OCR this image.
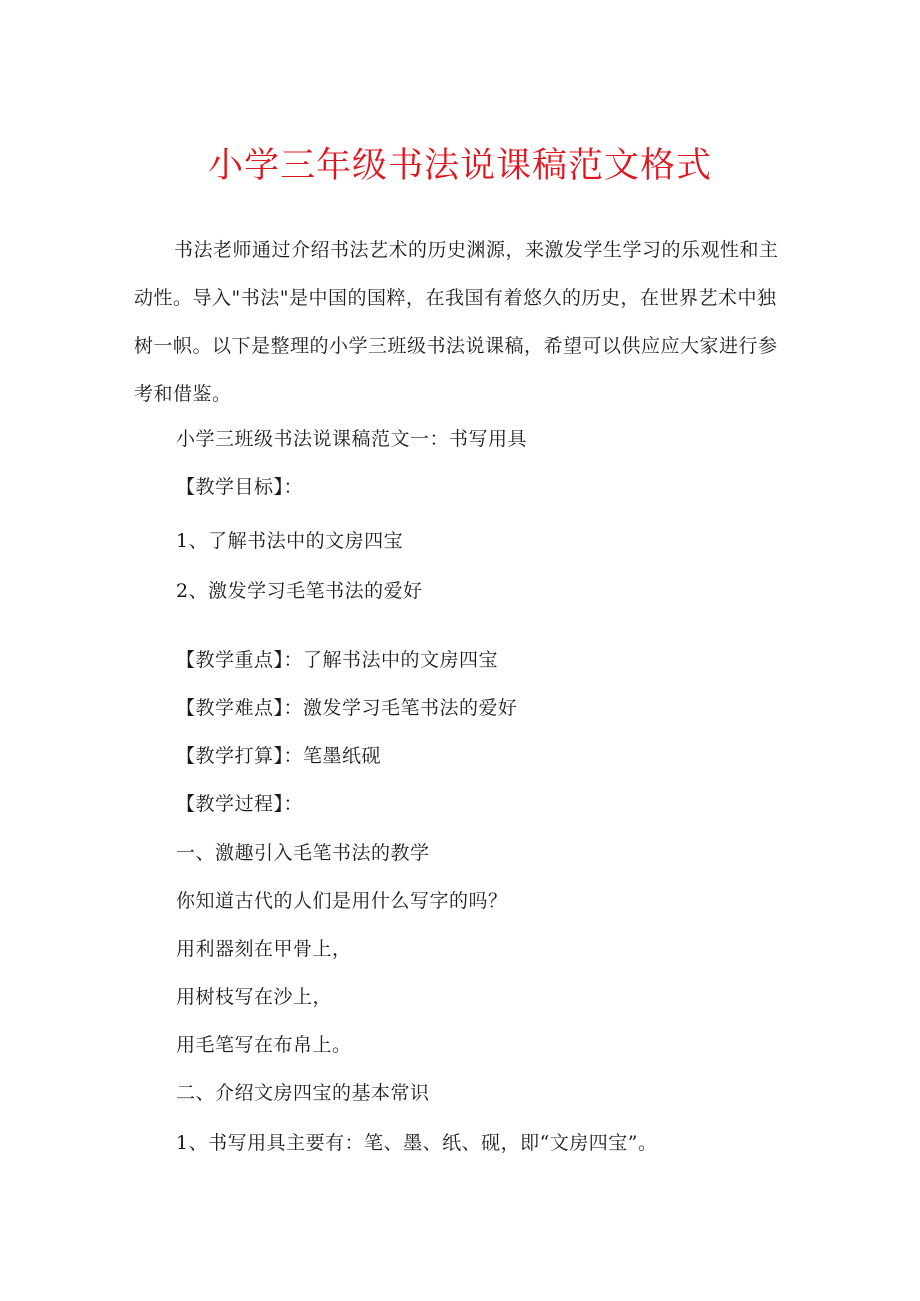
小学三年级书法说课稿范文格式

书法老师通过介绍书法艺术的历史渊源，来激发学生学习的乐观性和主动性。导入"书法"是中国的国粹，在我国有着悠久的历史，在世界艺术中独树一帜。以下是整理的小学三班级书法说课稿，希望可以供应应大家进行参考和借鉴。

小学三班级书法说课稿范文一：书写用具
【教学目标】：
1、了解书法中的文房四宝
2、激发学习毛笔书法的爱好
【教学重点】：了解书法中的文房四宝
【教学难点】：激发学习毛笔书法的爱好
【教学打算】：笔墨纸砚
【教学过程】：
一、激趣引入毛笔书法的教学
你知道古代的人们是用什么写字的吗？
用利器刻在甲骨上，
用树枝写在沙上，
用毛笔写在布帛上。
二、介绍文房四宝的基本常识
1、书写用具主要有：笔、墨、纸、砚，即“文房四宝”。
